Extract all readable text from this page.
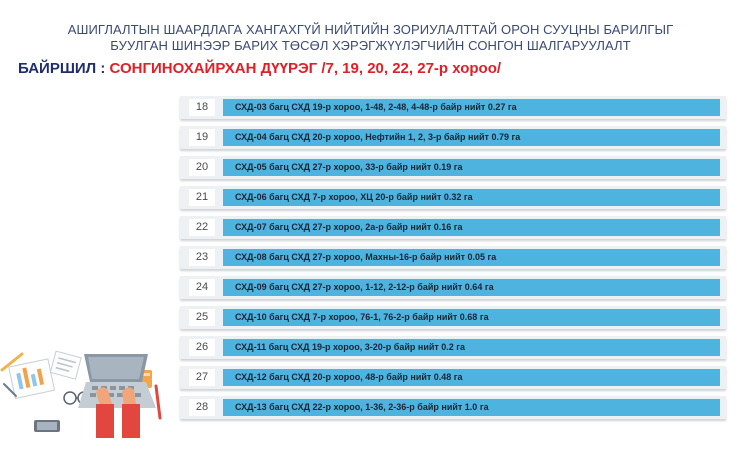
АШИГЛАЛТЫН ШААРДЛАГА ХАНГАХГҮЙ НИЙТИЙН ЗОРИУЛАЛТТАЙ ОРОН СУУЦНЫ БАРИЛГЫГ
БУУЛГАН ШИНЭЭР БАРИХ ТӨСӨЛ ХЭРЭГЖҮҮЛЭГЧИЙН СОНГОН ШАЛГАРУУЛАЛТ
БАЙРШИЛ : СОНГИНОХАЙРХАН ДҮҮРЭГ /7, 19, 20, 22, 27-р хороо/
18	СХД-03 багц СХД 19-р хороо, 1-48, 2-48, 4-48-р байр нийт 0.27 га
19	СХД-04 багц СХД 20-р хороо, Нефтийн 1, 2, 3-р байр нийт 0.79 га
20	СХД-05 багц СХД 27-р хороо, 33-р байр нийт 0.19 га
21	СХД-06 багц СХД 7-р хороо, ХЦ 20-р байр нийт 0.32 га
22	СХД-07 багц СХД 27-р хороо, 2а-р байр нийт 0.16 га
23	СХД-08 багц СХД 27-р хороо, Махны-16-р байр нийт 0.05 га
24	СХД-09 багц СХД 27-р хороо, 1-12, 2-12-р байр нийт 0.64 га
25	СХД-10 багц СХД 7-р хороо, 76-1, 76-2-р байр нийт 0.68 га
26	СХД-11 багц СХД 19-р хороо, 3-20-р байр нийт 0.2 га
27	СХД-12 багц СХД 20-р хороо, 48-р байр нийт 0.48 га
28	СХД-13 багц СХД 22-р хороо, 1-36, 2-36-р байр нийт 1.0 га
